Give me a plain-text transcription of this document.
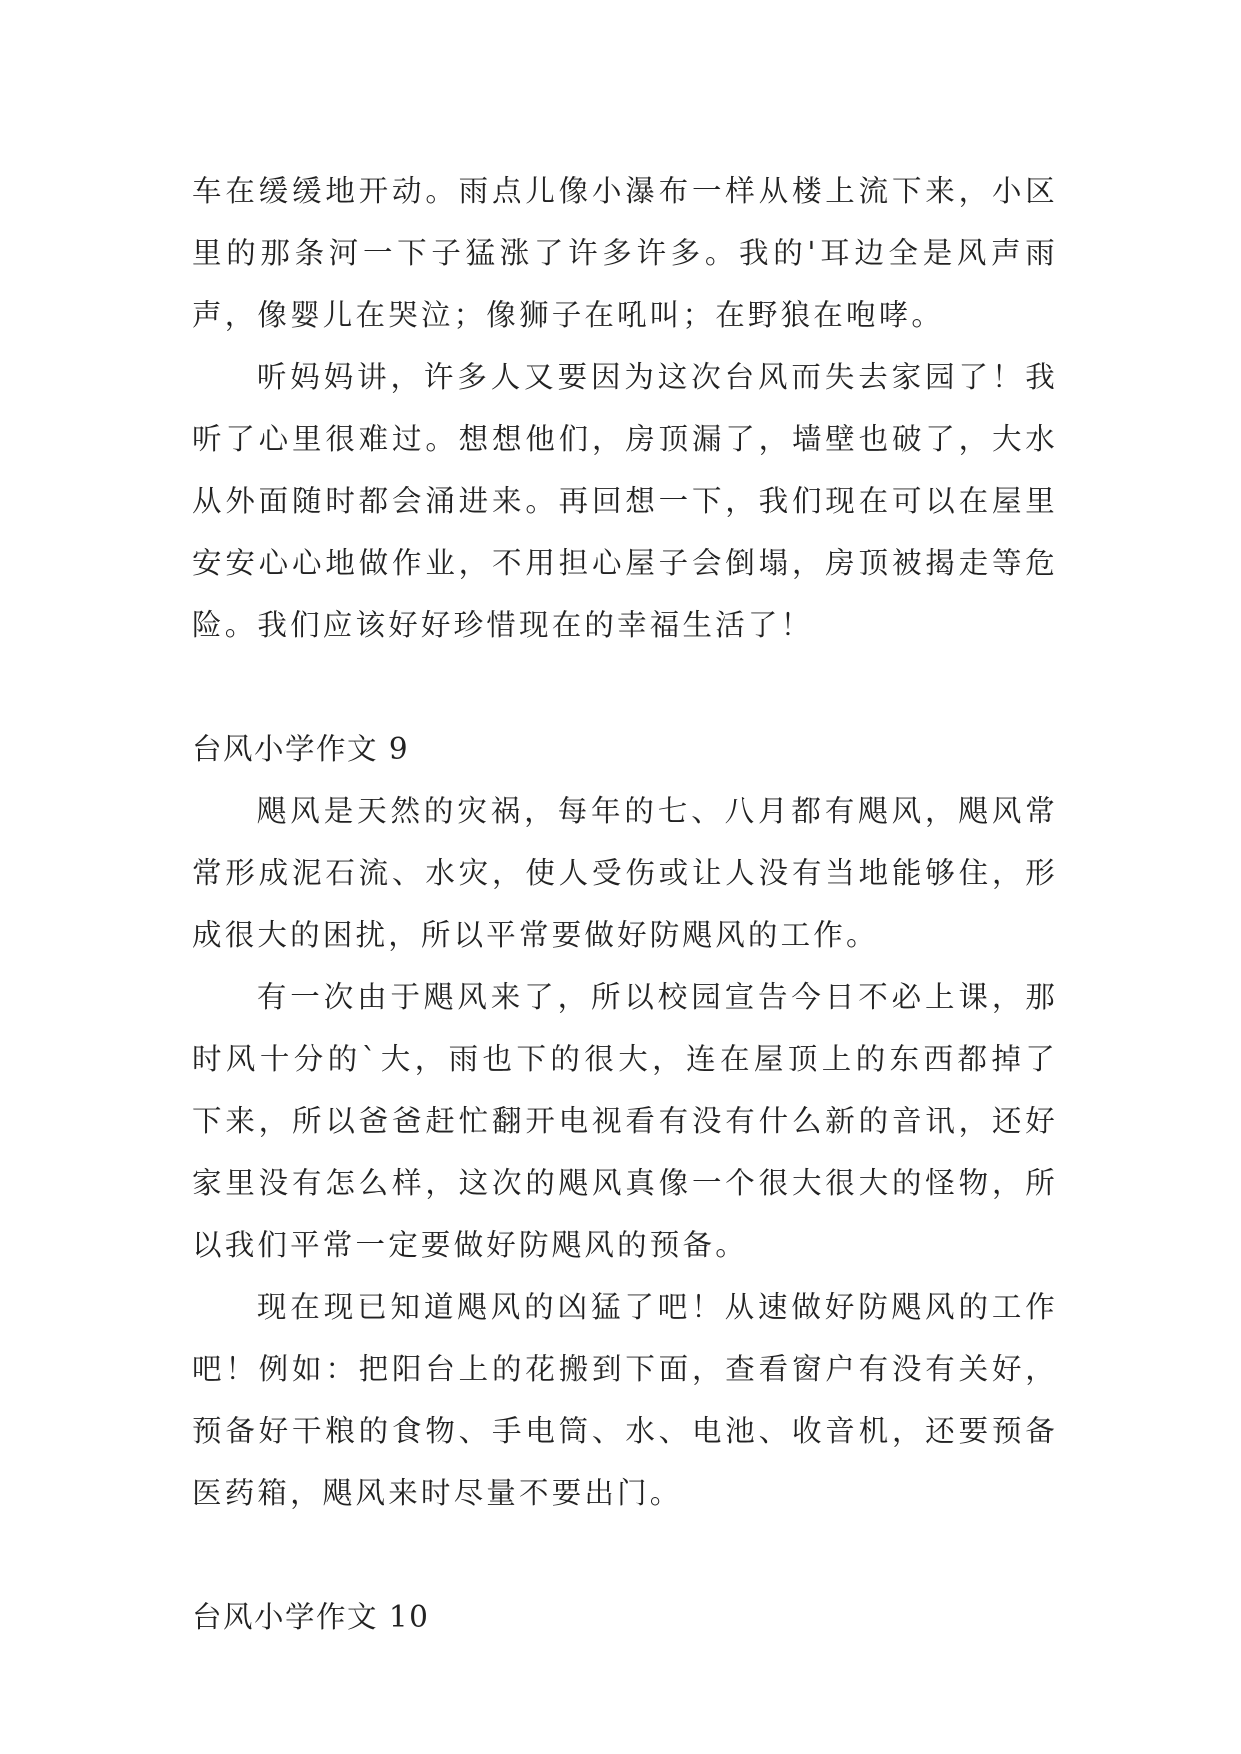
车在缓缓地开动。雨点儿像小瀑布一样从楼上流下来，小区里的那条河一下子猛涨了许多许多。我的'耳边全是风声雨声，像婴儿在哭泣；像狮子在吼叫；在野狼在咆哮。

听妈妈讲，许多人又要因为这次台风而失去家园了！我听了心里很难过。想想他们，房顶漏了，墙壁也破了，大水从外面随时都会涌进来。再回想一下，我们现在可以在屋里安安心心地做作业，不用担心屋子会倒塌，房顶被揭走等危险。我们应该好好珍惜现在的幸福生活了！

台风小学作文 9

飓风是天然的灾祸，每年的七、八月都有飓风，飓风常常形成泥石流、水灾，使人受伤或让人没有当地能够住，形成很大的困扰，所以平常要做好防飓风的工作。

有一次由于飓风来了，所以校园宣告今日不必上课，那时风十分的`大，雨也下的很大，连在屋顶上的东西都掉了下来，所以爸爸赶忙翻开电视看有没有什么新的音讯，还好家里没有怎么样，这次的飓风真像一个很大很大的怪物，所以我们平常一定要做好防飓风的预备。

现在现已知道飓风的凶猛了吧！从速做好防飓风的工作吧！例如：把阳台上的花搬到下面，查看窗户有没有关好，预备好干粮的食物、手电筒、水、电池、收音机，还要预备医药箱，飓风来时尽量不要出门。

台风小学作文 10
